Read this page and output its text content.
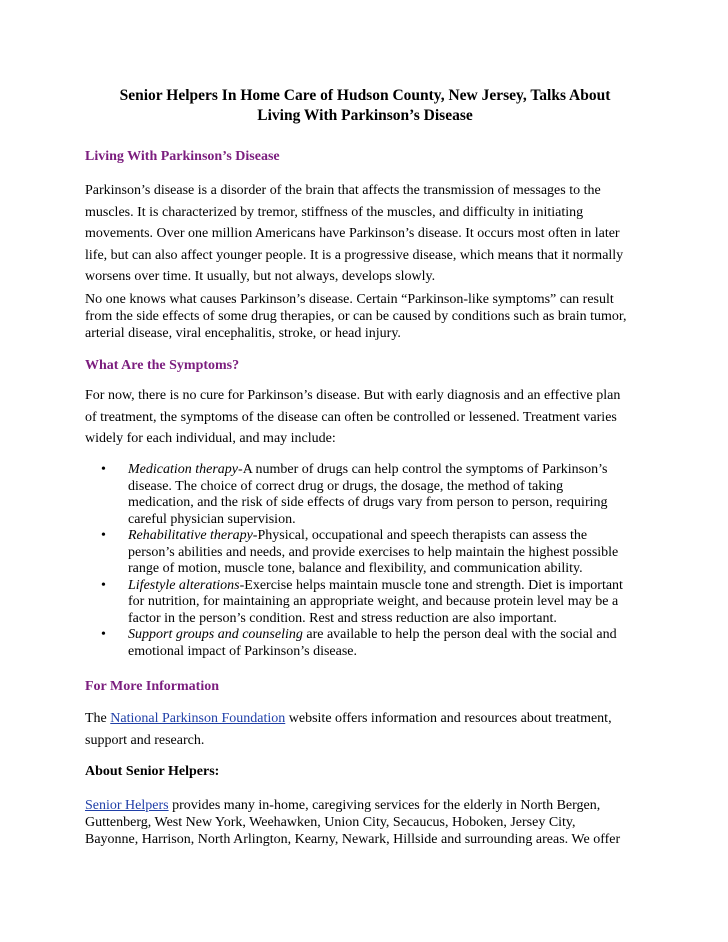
Senior Helpers In Home Care of Hudson County, New Jersey, Talks About
Living With Parkinson’s Disease
Living With Parkinson’s Disease
Parkinson’s disease is a disorder of the brain that affects the transmission of messages to the
muscles. It is characterized by tremor, stiffness of the muscles, and difficulty in initiating
movements. Over one million Americans have Parkinson’s disease. It occurs most often in later
life, but can also affect younger people. It is a progressive disease, which means that it normally
worsens over time. It usually, but not always, develops slowly.
No one knows what causes Parkinson’s disease. Certain “Parkinson-like symptoms” can result
from the side effects of some drug therapies, or can be caused by conditions such as brain tumor,
arterial disease, viral encephalitis, stroke, or head injury.
What Are the Symptoms?
For now, there is no cure for Parkinson’s disease. But with early diagnosis and an effective plan
of treatment, the symptoms of the disease can often be controlled or lessened. Treatment varies
widely for each individual, and may include:
• Medication therapy-A number of drugs can help control the symptoms of Parkinson’s
disease. The choice of correct drug or drugs, the dosage, the method of taking
medication, and the risk of side effects of drugs vary from person to person, requiring
careful physician supervision.
• Rehabilitative therapy-Physical, occupational and speech therapists can assess the
person’s abilities and needs, and provide exercises to help maintain the highest possible
range of motion, muscle tone, balance and flexibility, and communication ability.
• Lifestyle alterations-Exercise helps maintain muscle tone and strength. Diet is important
for nutrition, for maintaining an appropriate weight, and because protein level may be a
factor in the person’s condition. Rest and stress reduction are also important.
• Support groups and counseling are available to help the person deal with the social and
emotional impact of Parkinson’s disease.
For More Information
The National Parkinson Foundation website offers information and resources about treatment,
support and research.
About Senior Helpers:
Senior Helpers provides many in-home, caregiving services for the elderly in North Bergen,
Guttenberg, West New York, Weehawken, Union City, Secaucus, Hoboken, Jersey City,
Bayonne, Harrison, North Arlington, Kearny, Newark, Hillside and surrounding areas. We offer
